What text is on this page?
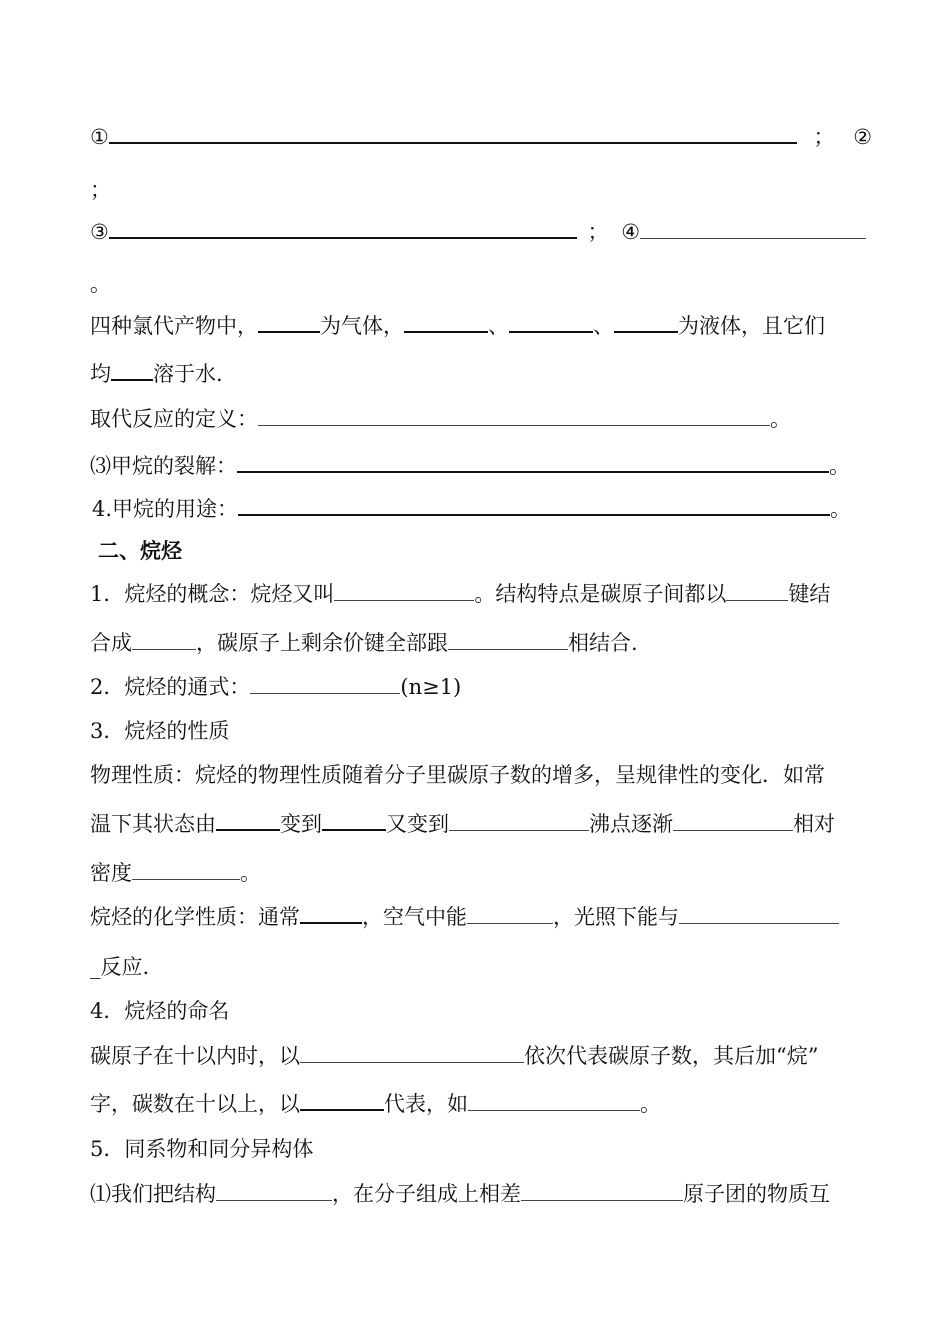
①	； ②
；
③	； ④
。
四种氯代产物中，	为气体，	、	、	为液体，且它们
均 溶于水.
取代反应的定义：	。
⑶甲烷的裂解：	。
4.甲烷的用途：	。
二、烷烃
1．烷烃的概念：烷烃又叫	。结构特点是碳原子间都以	键结
合成	，碳原子上剩余价键全部跟	相结合.
2．烷烃的通式：	(n≥1)
3．烷烃的性质
物理性质：烷烃的物理性质随着分子里碳原子数的增多，呈规律性的变化．如常
温下其状态由	变到	又变到	沸点逐渐	相对
密度	。
烷烃的化学性质：通常	，空气中能	，光照下能与
_反应.
4．烷烃的命名
碳原子在十以内时，以	依次代表碳原子数，其后加“烷”
字，碳数在十以上，以	代表，如	。
5．同系物和同分异构体
⑴我们把结构	，在分子组成上相差	原子团的物质互
